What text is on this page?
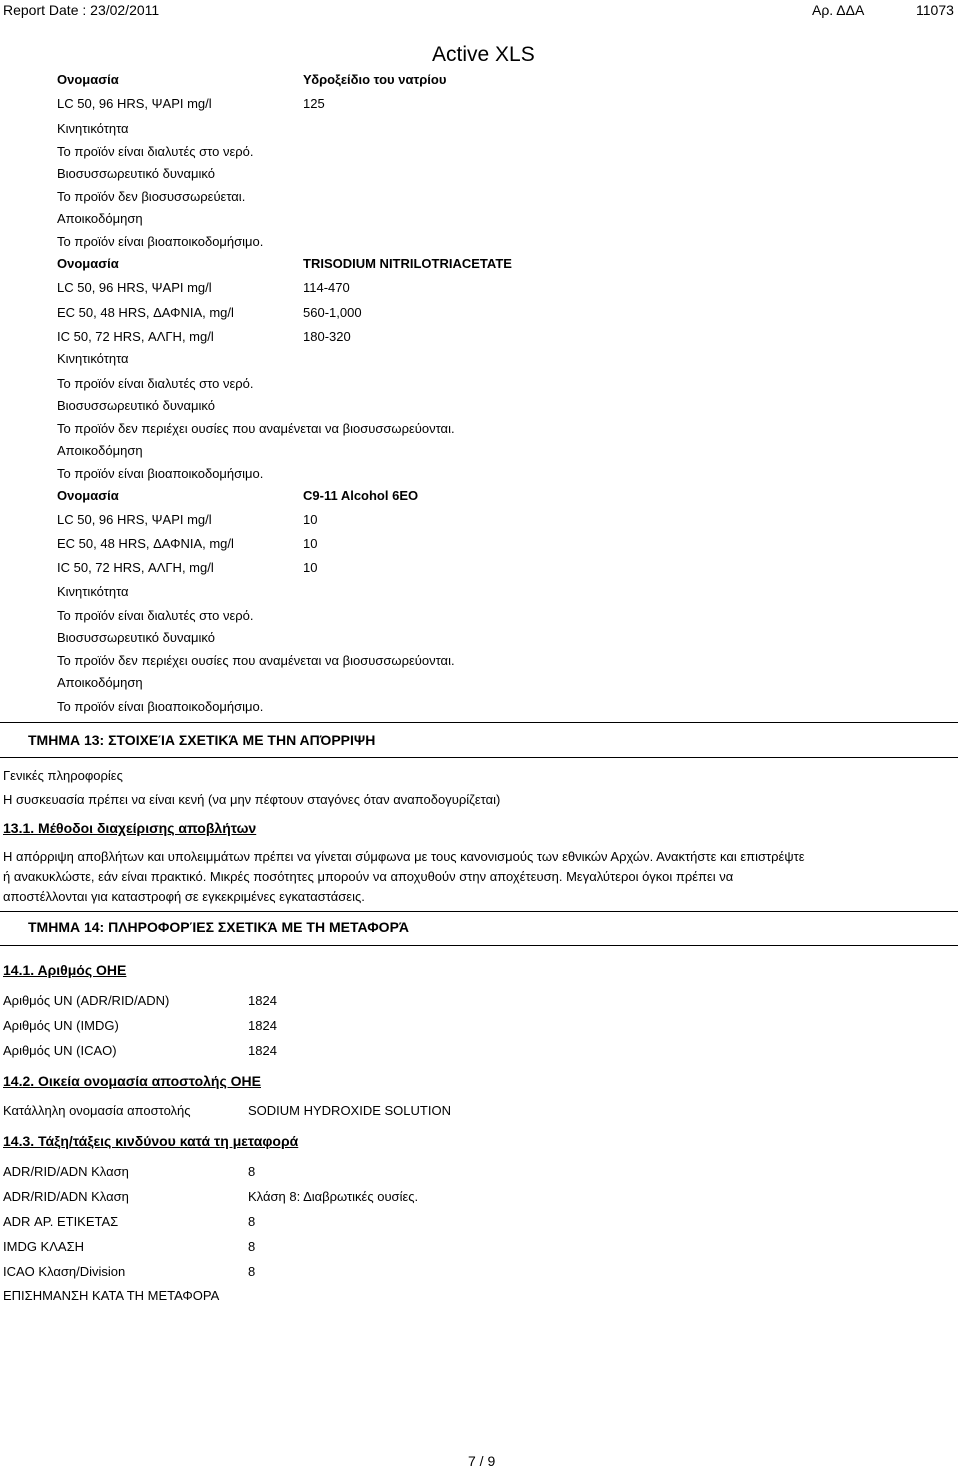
Report Date : 23/02/2011
Active XLS
Αρ. ΔΔΑ	11073
Ονομασία	Υδροξείδιο του νατρίου
LC 50, 96 HRS, ΨΑΡΙ mg/l	125
Κινητικότητα
Το προϊόν είναι διαλυτές στο νερό.
Βιοσυσσωρευτικό δυναμικό
Το προϊόν δεν βιοσυσσωρεύεται.
Αποικοδόμηση
Το προϊόν είναι βιοαποικοδομήσιμο.
Ονομασία	TRISODIUM NITRILOTRIACETATE
LC 50, 96 HRS, ΨΑΡΙ mg/l	114-470
EC 50, 48 HRS, ΔΑΦΝΙΑ, mg/l	560-1,000
IC 50, 72 HRS, ΑΛΓΗ, mg/l	180-320
Κινητικότητα
Το προϊόν είναι διαλυτές στο νερό.
Βιοσυσσωρευτικό δυναμικό
Το προϊόν δεν περιέχει ουσίες που αναμένεται να βιοσυσσωρεύονται.
Αποικοδόμηση
Το προϊόν είναι βιοαποικοδομήσιμο.
Ονομασία	C9-11 Alcohol 6EO
LC 50, 96 HRS, ΨΑΡΙ mg/l	10
EC 50, 48 HRS, ΔΑΦΝΙΑ, mg/l	10
IC 50, 72 HRS, ΑΛΓΗ, mg/l	10
Κινητικότητα
Το προϊόν είναι διαλυτές στο νερό.
Βιοσυσσωρευτικό δυναμικό
Το προϊόν δεν περιέχει ουσίες που αναμένεται να βιοσυσσωρεύονται.
Αποικοδόμηση
Το προϊόν είναι βιοαποικοδομήσιμο.
ΤΜΗΜΑ 13: ΣΤΟΙΧΕΊΑ ΣΧΕΤΙΚΆ ΜΕ ΤΗΝ ΑΠΌΡΡΙΨΗ
Γενικές πληροφορίες
Η συσκευασία πρέπει να είναι κενή (να μην πέφτουν σταγόνες όταν αναποδογυρίζεται)
13.1. Μέθοδοι διαχείρισης αποβλήτων
Η απόρριψη αποβλήτων και υπολειμμάτων πρέπει να γίνεται σύμφωνα με τους κανονισμούς των εθνικών Αρχών. Ανακτήστε και επιστρέψτε
ή ανακυκλώστε, εάν είναι πρακτικό. Μικρές ποσότητες μπορούν να αποχυθούν στην αποχέτευση. Μεγαλύτεροι όγκοι πρέπει να
αποστέλλονται για καταστροφή σε εγκεκριμένες εγκαταστάσεις.
ΤΜΗΜΑ 14: ΠΛΗΡΟΦΟΡΊΕΣ ΣΧΕΤΙΚΆ ΜΕ ΤΗ ΜΕΤΑΦΟΡΆ
14.1. Αριθμός ΟΗΕ
Αριθμός UN (ADR/RID/ADN)	1824
Αριθμός UN (IMDG)	1824
Αριθμός UN (ICAO)	1824
14.2. Οικεία ονομασία αποστολής ΟΗΕ
Κατάλληλη ονομασία αποστολής	SODIUM HYDROXIDE SOLUTION
14.3. Τάξη/τάξεις κινδύνου κατά τη μεταφορά
ADR/RID/ADN Κλαση	8
ADR/RID/ADN Κλαση	Κλάση 8: Διαβρωτικές ουσίες.
ADR ΑΡ. ΕΤΙΚΕΤΑΣ	8
IMDG ΚΛΑΣΗ	8
ICAO Κλαση/Division	8
ΕΠΙΣΗΜΑΝΣΗ ΚΑΤΑ ΤΗ ΜΕΤΑΦΟΡΑ
7 / 9
